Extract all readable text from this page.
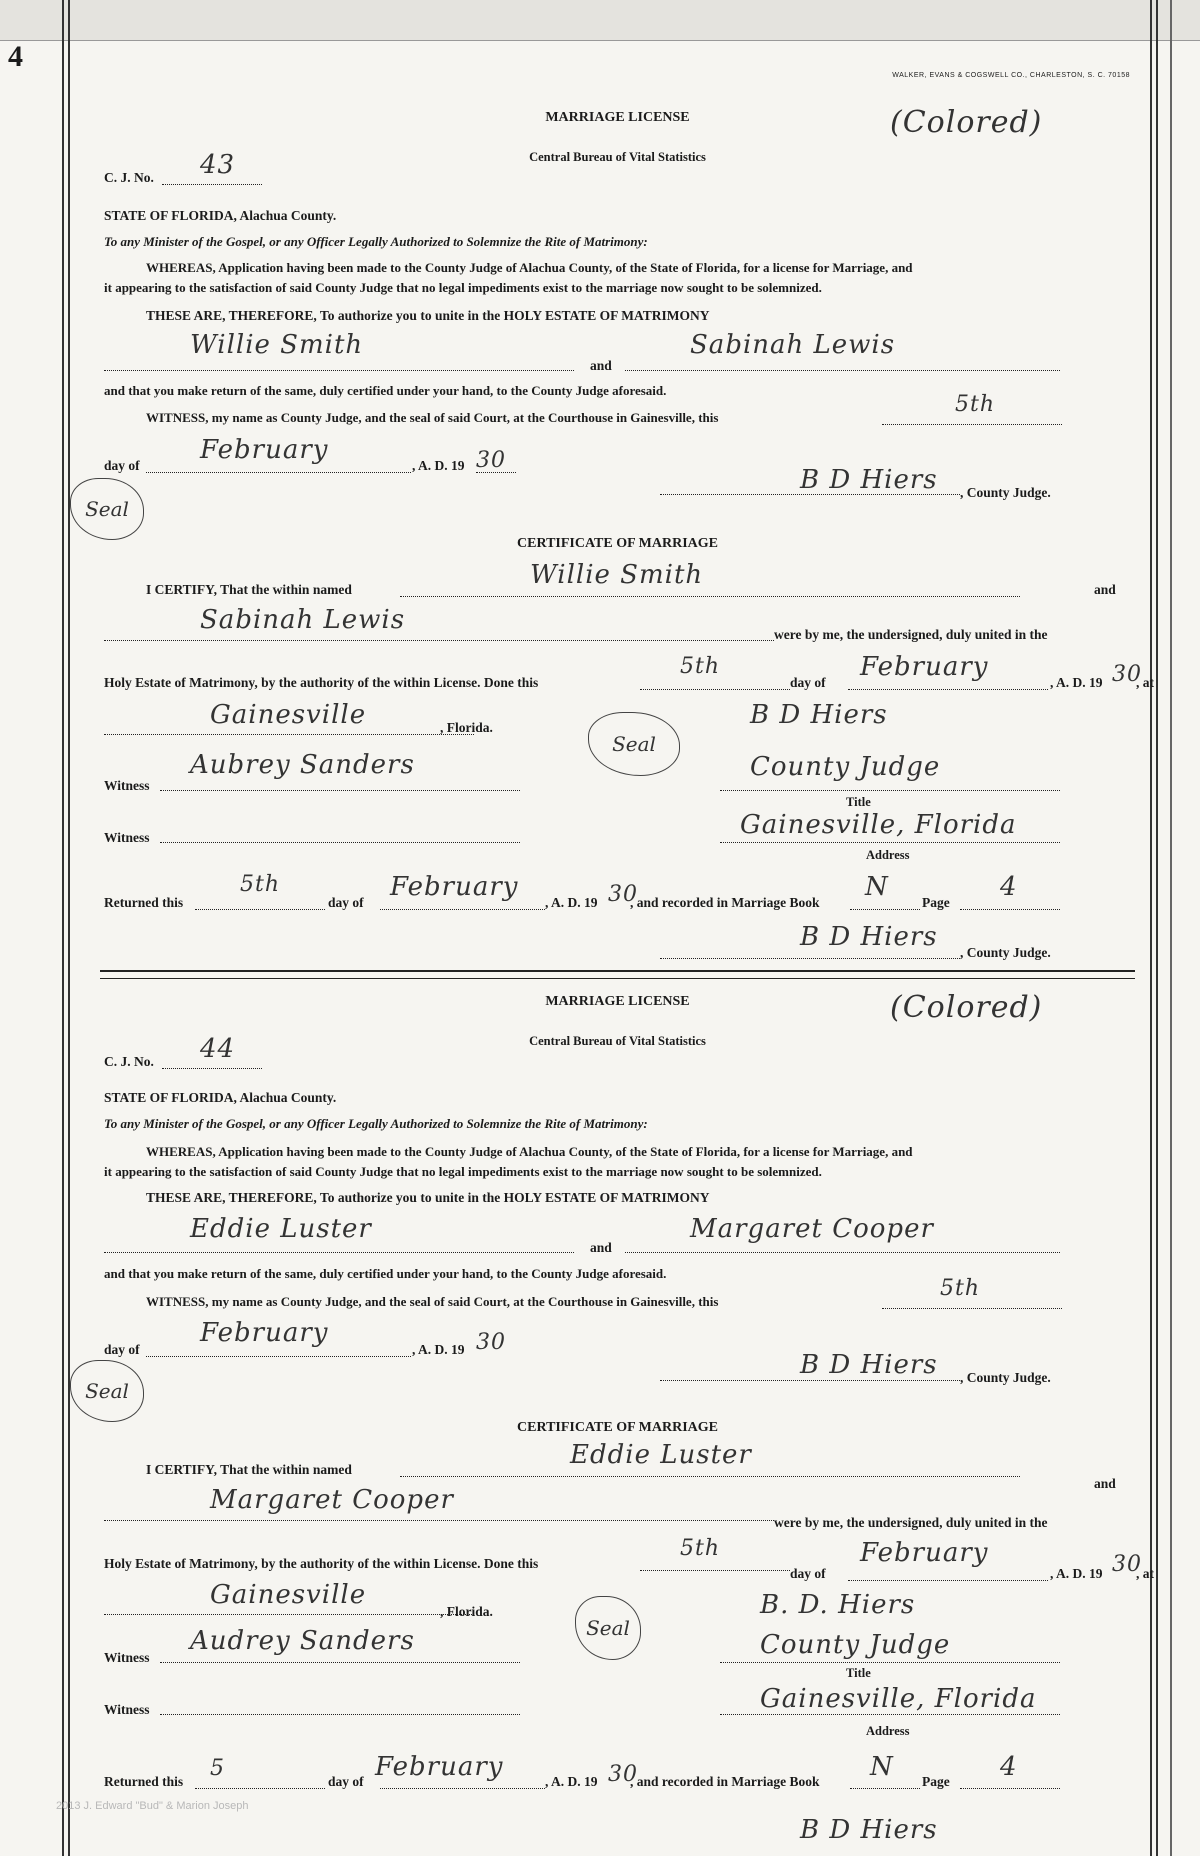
4
WALKER, EVANS & COGSWELL CO., CHARLESTON, S. C. 70158
MARRIAGE LICENSE	(Colored)
Central Bureau of Vital Statistics
C. J. No. 43
STATE OF FLORIDA, Alachua County.
To any Minister of the Gospel, or any Officer Legally Authorized to Solemnize the Rite of Matrimony:
WHEREAS, Application having been made to the County Judge of Alachua County, of the State of Florida, for a license for Marriage, and
it appearing to the satisfaction of said County Judge that no legal impediments exist to the marriage now sought to be solemnized.
THESE ARE, THEREFORE, To authorize you to unite in the HOLY ESTATE OF MATRIMONY
Willie Smith
and
Sabinah Lewis
and that you make return of the same, duly certified under your hand, to the County Judge aforesaid.
WITNESS, my name as County Judge, and the seal of said Court, at the Courthouse in Gainesville, this
5th
day of
February
, A. D. 19 30
Seal
B D Hiers , County Judge.
CERTIFICATE OF MARRIAGE
I CERTIFY, That the within named	Willie Smith	and
Sabinah Lewis	were by me, the undersigned, duly united in the
Holy Estate of Matrimony, by the authority of the within License. Done this
5th
day of
February
, A. D. 19 30
, at
Gainesville	, Florida.
Seal
B D Hiers
Witness
Aubrey Sanders	County Judge
Title
Witness	Gainesville, Florida
Address
Returned this
5th
day of
February
, A. D. 19 30
, and recorded in Marriage Book
N
Page
4
B D Hiers
, County Judge.
MARRIAGE LICENSE	(Colored)
Central Bureau of Vital Statistics
C. J. No. 44
STATE OF FLORIDA, Alachua County.
To any Minister of the Gospel, or any Officer Legally Authorized to Solemnize the Rite of Matrimony:
WHEREAS, Application having been made to the County Judge of Alachua County, of the State of Florida, for a license for Marriage, and
it appearing to the satisfaction of said County Judge that no legal impediments exist to the marriage now sought to be solemnized.
THESE ARE, THEREFORE, To authorize you to unite in the HOLY ESTATE OF MATRIMONY
Eddie Luster
and
Margaret Cooper
and that you make return of the same, duly certified under your hand, to the County Judge aforesaid.
WITNESS, my name as County Judge, and the seal of said Court, at the Courthouse in Gainesville, this
5th
day of
February
, A. D. 19 30
Seal
B D Hiers , County Judge.
CERTIFICATE OF MARRIAGE
I CERTIFY, That the within named	Eddie Luster
and
Margaret Cooper
were by me, the undersigned, duly united in the
Holy Estate of Matrimony, by the authority of the within License. Done this
5th
day of
February
, A. D. 19 30
, at
Gainesville
, Florida.
Seal
B. D. Hiers
Witness
Audrey Sanders	County Judge
Title
Witness	Gainesville, Florida
Address
Returned this
5
day of February	, A. D. 19 30
, and recorded in Marriage Book N Page 4
B D Hiers
2013 J. Edward "Bud" & Marion Joseph
